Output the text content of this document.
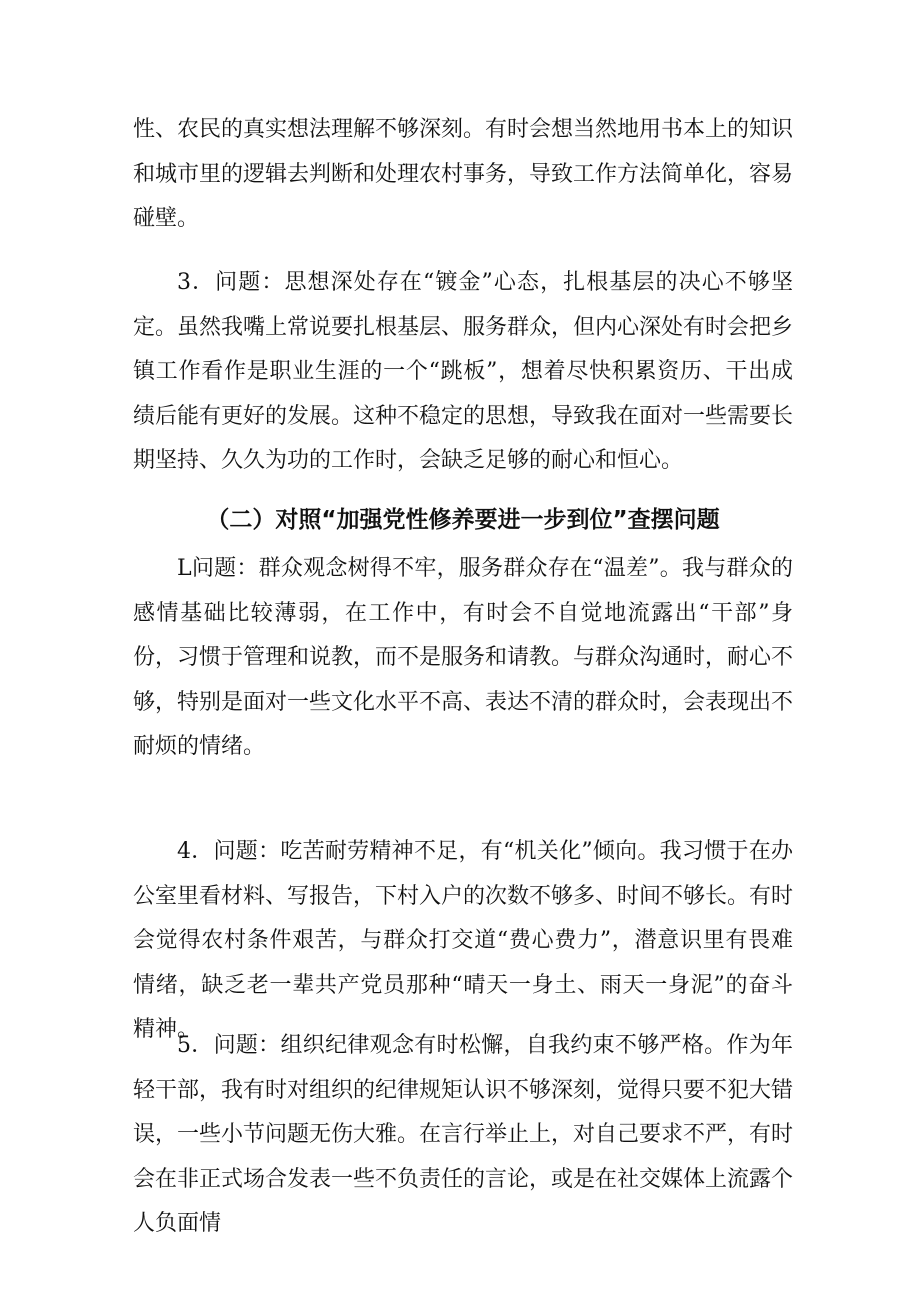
性、农民的真实想法理解不够深刻。有时会想当然地用书本上的知识和城市里的逻辑去判断和处理农村事务，导致工作方法简单化，容易碰壁。

3．问题：思想深处存在“镀金”心态，扎根基层的决心不够坚定。虽然我嘴上常说要扎根基层、服务群众，但内心深处有时会把乡镇工作看作是职业生涯的一个“跳板”，想着尽快积累资历、干出成绩后能有更好的发展。这种不稳定的思想，导致我在面对一些需要长期坚持、久久为功的工作时，会缺乏足够的耐心和恒心。

（二）对照“加强党性修养要进一步到位”查摆问题

L问题：群众观念树得不牢，服务群众存在“温差”。我与群众的感情基础比较薄弱，在工作中，有时会不自觉地流露出“干部”身份，习惯于管理和说教，而不是服务和请教。与群众沟通时，耐心不够，特别是面对一些文化水平不高、表达不清的群众时，会表现出不耐烦的情绪。

4．问题：吃苦耐劳精神不足，有“机关化”倾向。我习惯于在办公室里看材料、写报告，下村入户的次数不够多、时间不够长。有时会觉得农村条件艰苦，与群众打交道“费心费力”，潜意识里有畏难情绪，缺乏老一辈共产党员那种“晴天一身土、雨天一身泥”的奋斗精神。

5．问题：组织纪律观念有时松懈，自我约束不够严格。作为年轻干部，我有时对组织的纪律规矩认识不够深刻，觉得只要不犯大错误，一些小节问题无伤大雅。在言行举止上，对自己要求不严，有时会在非正式场合发表一些不负责任的言论，或是在社交媒体上流露个人负面情
